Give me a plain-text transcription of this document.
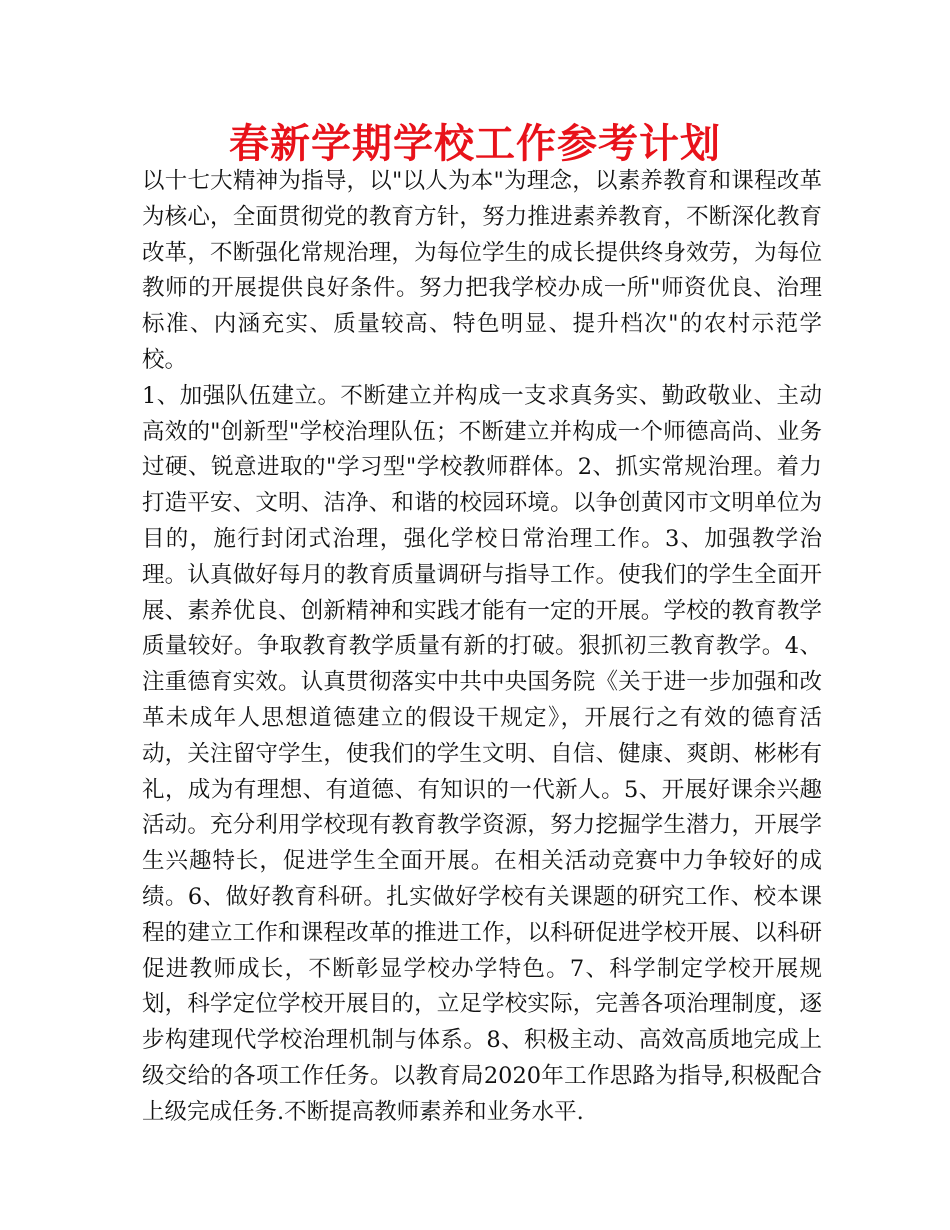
春新学期学校工作参考计划

以十七大精神为指导，以"以人为本"为理念，以素养教育和课程改革为核心，全面贯彻党的教育方针，努力推进素养教育，不断深化教育改革，不断强化常规治理，为每位学生的成长提供终身效劳，为每位教师的开展提供良好条件。努力把我学校办成一所"师资优良、治理标准、内涵充实、质量较高、特色明显、提升档次"的农村示范学校。

1、加强队伍建立。不断建立并构成一支求真务实、勤政敬业、主动高效的"创新型"学校治理队伍；不断建立并构成一个师德高尚、业务过硬、锐意进取的"学习型"学校教师群体。2、抓实常规治理。着力打造平安、文明、洁净、和谐的校园环境。以争创黄冈市文明单位为目的，施行封闭式治理，强化学校日常治理工作。3、加强教学治理。认真做好每月的教育质量调研与指导工作。使我们的学生全面开展、素养优良、创新精神和实践才能有一定的开展。学校的教育教学质量较好。争取教育教学质量有新的打破。狠抓初三教育教学。4、注重德育实效。认真贯彻落实中共中央国务院《关于进一步加强和改革未成年人思想道德建立的假设干规定》，开展行之有效的德育活动，关注留守学生，使我们的学生文明、自信、健康、爽朗、彬彬有礼，成为有理想、有道德、有知识的一代新人。5、开展好课余兴趣活动。充分利用学校现有教育教学资源，努力挖掘学生潜力，开展学生兴趣特长，促进学生全面开展。在相关活动竞赛中力争较好的成绩。6、做好教育科研。扎实做好学校有关课题的研究工作、校本课程的建立工作和课程改革的推进工作，以科研促进学校开展、以科研促进教师成长，不断彰显学校办学特色。7、科学制定学校开展规划，科学定位学校开展目的，立足学校实际，完善各项治理制度，逐步构建现代学校治理机制与体系。8、积极主动、高效高质地完成上级交给的各项工作任务。以教育局2020年工作思路为指导,积极配合上级完成任务.不断提高教师素养和业务水平.
